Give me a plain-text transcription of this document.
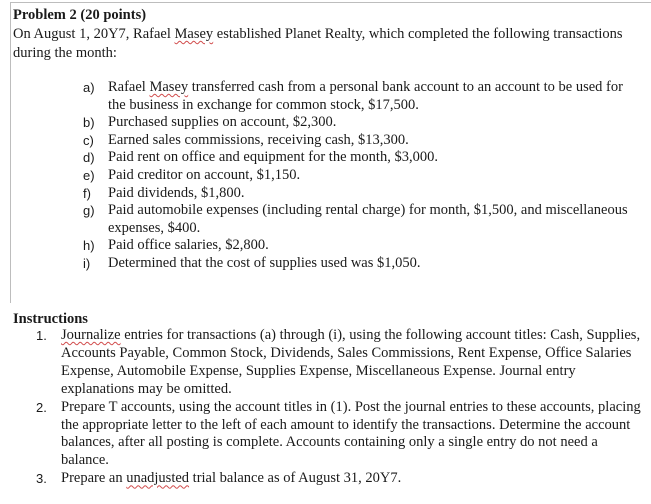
Problem 2 (20 points)
On August 1, 20Y7, Rafael Masey established Planet Realty, which completed the following transactions during the month:
a) Rafael Masey transferred cash from a personal bank account to an account to be used for the business in exchange for common stock, $17,500.
b) Purchased supplies on account, $2,300.
c) Earned sales commissions, receiving cash, $13,300.
d) Paid rent on office and equipment for the month, $3,000.
e) Paid creditor on account, $1,150.
f) Paid dividends, $1,800.
g) Paid automobile expenses (including rental charge) for month, $1,500, and miscellaneous expenses, $400.
h) Paid office salaries, $2,800.
i) Determined that the cost of supplies used was $1,050.
Instructions
1. Journalize entries for transactions (a) through (i), using the following account titles: Cash, Supplies, Accounts Payable, Common Stock, Dividends, Sales Commissions, Rent Expense, Office Salaries Expense, Automobile Expense, Supplies Expense, Miscellaneous Expense. Journal entry explanations may be omitted.
2. Prepare T accounts, using the account titles in (1). Post the journal entries to these accounts, placing the appropriate letter to the left of each amount to identify the transactions. Determine the account balances, after all posting is complete. Accounts containing only a single entry do not need a balance.
3. Prepare an unadjusted trial balance as of August 31, 20Y7.
